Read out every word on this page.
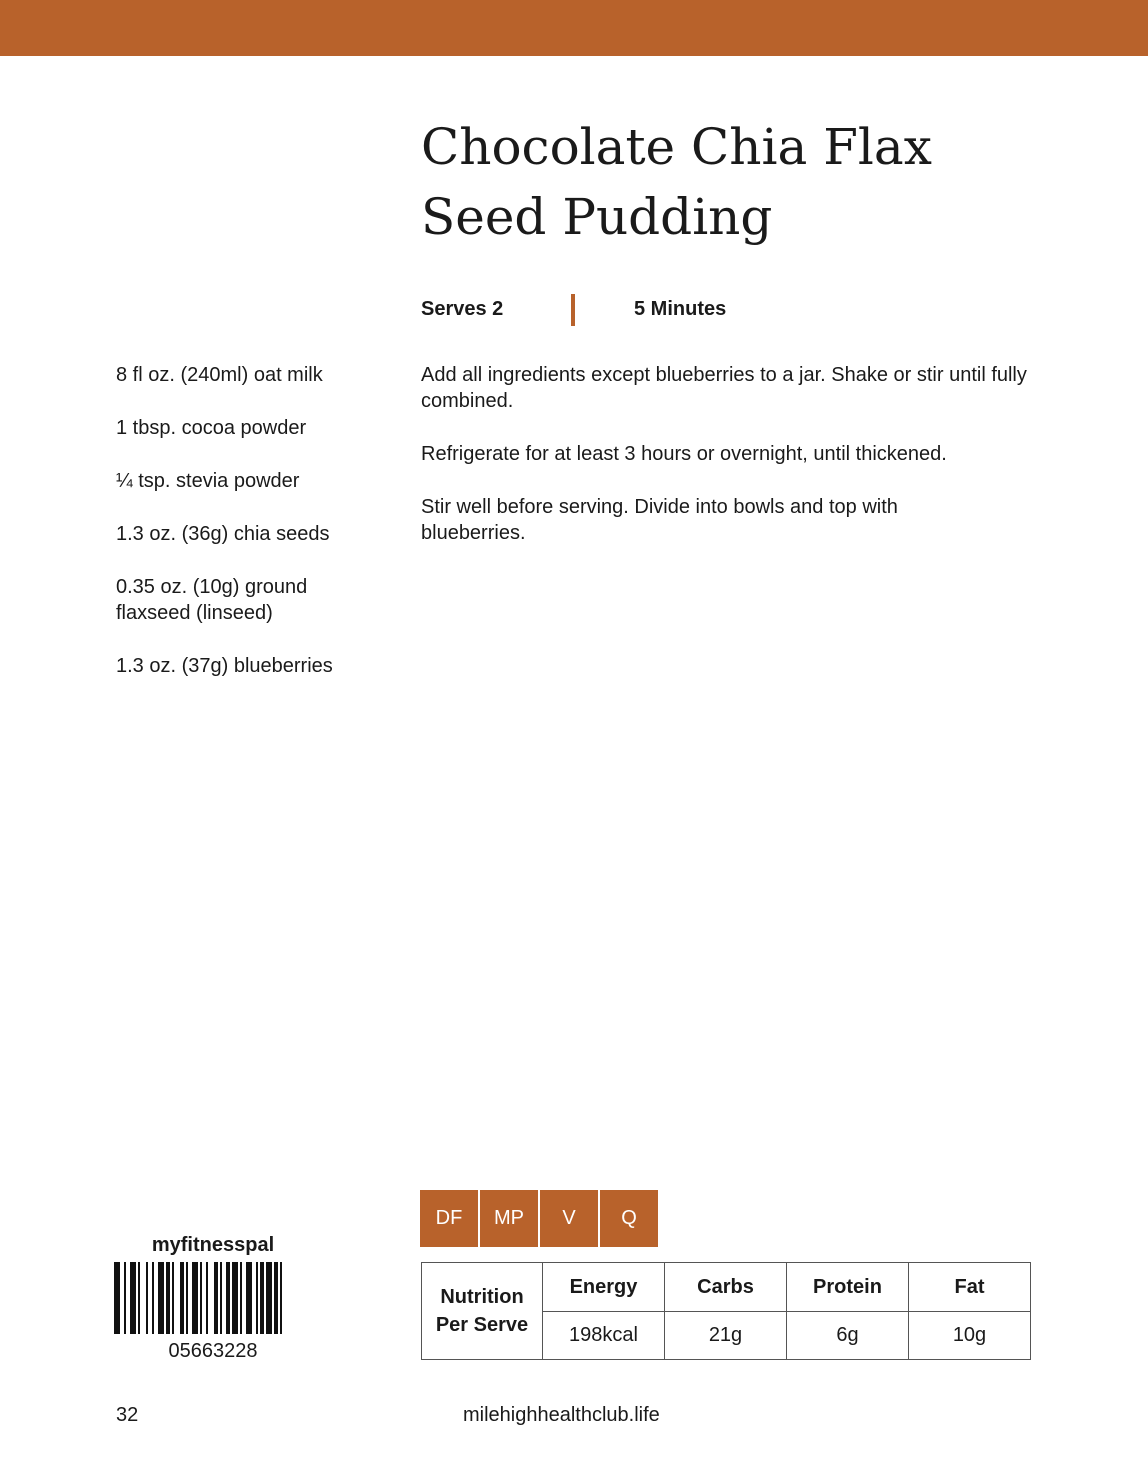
Chocolate Chia Flax
Seed Pudding
Serves 2	5 Minutes
8 fl oz. (240ml) oat milk
1 tbsp. cocoa powder
¼ tsp. stevia powder
1.3 oz. (36g) chia seeds
0.35 oz. (10g) ground flaxseed (linseed)
1.3 oz. (37g) blueberries

Add all ingredients except blueberries to a jar. Shake or stir until fully combined.

Refrigerate for at least 3 hours or overnight, until thickened.

Stir well before serving. Divide into bowls and top with blueberries.

DF	MP	V	Q
Nutrition
Per Serve	Energy	Carbs	Protein	Fat
	198kcal	21g	6g	10g
myfitnesspal
05663228
32	milehighhealthclub.life
